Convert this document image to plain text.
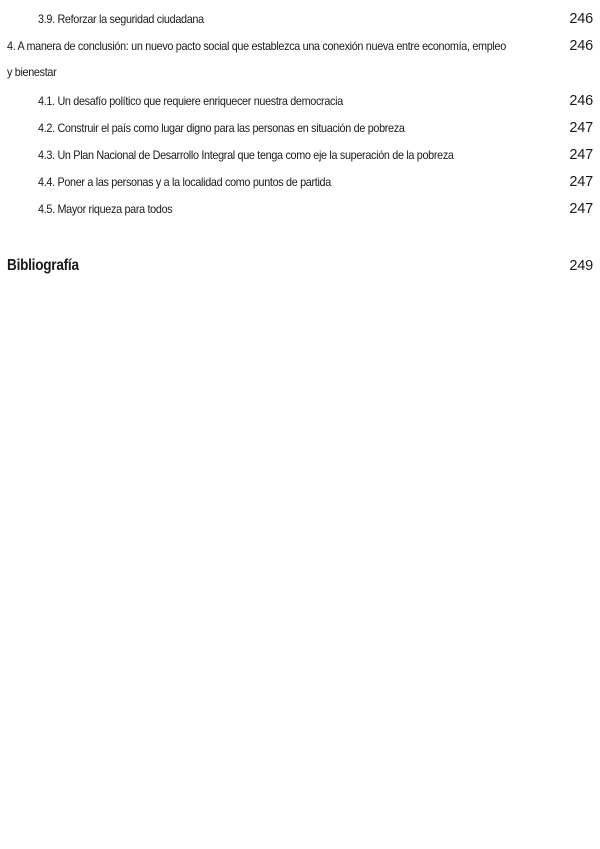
3.9. Reforzar la seguridad ciudadana	246
4. A manera de conclusión: un nuevo pacto social que establezca una conexión nueva entre economía, empleo	246
y bienestar
4.1. Un desafío político que requiere enriquecer nuestra democracia	246
4.2. Construir el país como lugar digno para las personas en situación de pobreza	247
4.3. Un Plan Nacional de Desarrollo Integral que tenga como eje la superación de la pobreza	247
4.4. Poner a las personas y a la localidad como puntos de partida	247
4.5. Mayor riqueza para todos	247
Bibliografía	249
